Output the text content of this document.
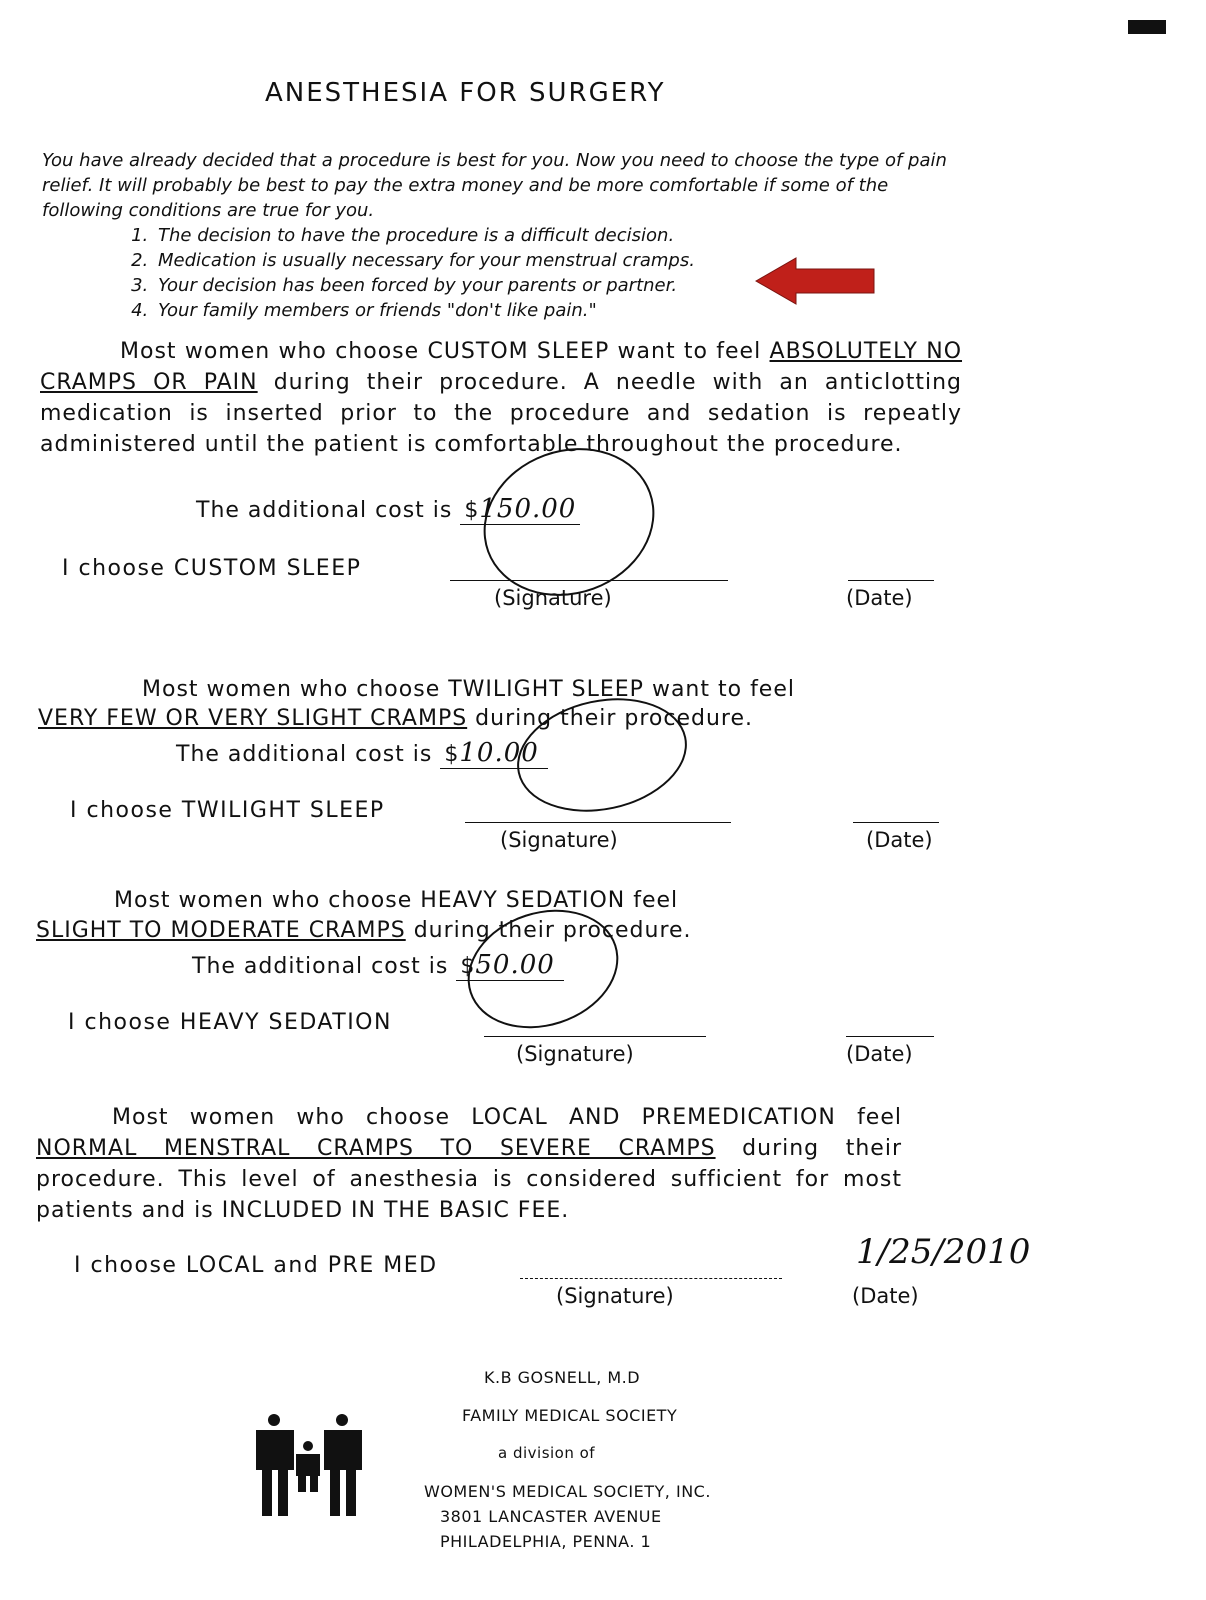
ANESTHESIA FOR SURGERY

You have already decided that a procedure is best for you. Now you need to choose the type of pain relief. It will probably be best to pay the extra money and be more comfortable if some of the following conditions are true for you.

1. The decision to have the procedure is a difficult decision.
2. Medication is usually necessary for your menstrual cramps.
3. Your decision has been forced by your parents or partner.
4. Your family members or friends "don't like pain."

Most women who choose CUSTOM SLEEP want to feel ABSOLUTELY NO CRAMPS OR PAIN during their procedure. A needle with an anticlotting medication is inserted prior to the procedure and sedation is repeatly administered until the patient is comfortable throughout the procedure.

The additional cost is $150.00
I choose CUSTOM SLEEP
(Signature)	(Date)
Most women who choose TWILIGHT SLEEP want to feel
VERY FEW OR VERY SLIGHT CRAMPS during their procedure.
The additional cost is $10.00
I choose TWILIGHT SLEEP
(Signature)	(Date)
Most women who choose HEAVY SEDATION feel
SLIGHT TO MODERATE CRAMPS during their procedure.
The additional cost is $50.00
I choose HEAVY SEDATION
(Signature)	(Date)

Most women who choose LOCAL AND PREMEDICATION feel NORMAL MENSTRAL CRAMPS TO SEVERE CRAMPS during their procedure. This level of anesthesia is considered sufficient for most patients and is INCLUDED IN THE BASIC FEE.

I choose LOCAL and PRE MED
(Signature)	(Date)
1/25/2010
K.B GOSNELL, M.D
FAMILY MEDICAL SOCIETY
a division of
WOMEN'S MEDICAL SOCIETY, INC.
3801 LANCASTER AVENUE
PHILADELPHIA, PENNA. 1
